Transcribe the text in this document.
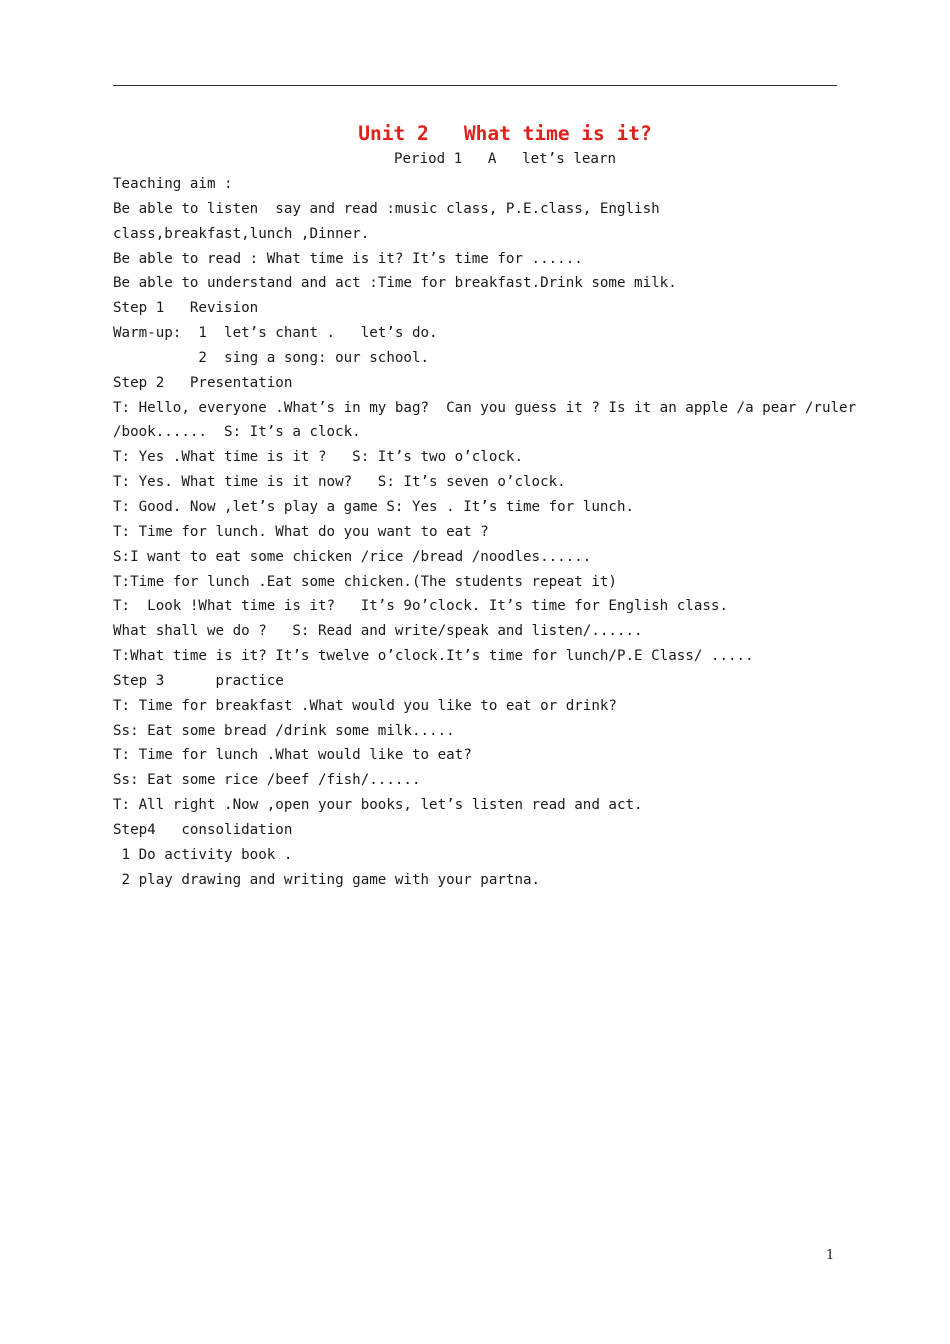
Unit 2   What time is it?
Period 1   A   let’s learn
Teaching aim :
Be able to listen  say and read :music class, P.E.class, English
class,breakfast,lunch ,Dinner.
Be able to read : What time is it? It’s time for ......
Be able to understand and act :Time for breakfast.Drink some milk.
Step 1   Revision
Warm-up:  1  let’s chant .   let’s do.
2  sing a song: our school.
Step 2   Presentation
T: Hello, everyone .What’s in my bag?  Can you guess it ? Is it an apple /a pear /ruler
/book......  S: It’s a clock.
T: Yes .What time is it ?   S: It’s two o’clock.
T: Yes. What time is it now?   S: It’s seven o’clock.
T: Good. Now ,let’s play a game S: Yes . It’s time for lunch.
T: Time for lunch. What do you want to eat ?
S:I want to eat some chicken /rice /bread /noodles......
T:Time for lunch .Eat some chicken.(The students repeat it)
T:  Look !What time is it?   It’s 9o’clock. It’s time for English class.
What shall we do ?   S: Read and write/speak and listen/......
T:What time is it? It’s twelve o’clock.It’s time for lunch/P.E Class/ .....
Step 3      practice
T: Time for breakfast .What would you like to eat or drink?
Ss: Eat some bread /drink some milk.....
T: Time for lunch .What would like to eat?
Ss: Eat some rice /beef /fish/......
T: All right .Now ,open your books, let’s listen read and act.
Step4   consolidation
1 Do activity book .
2 play drawing and writing game with your partna.
1
